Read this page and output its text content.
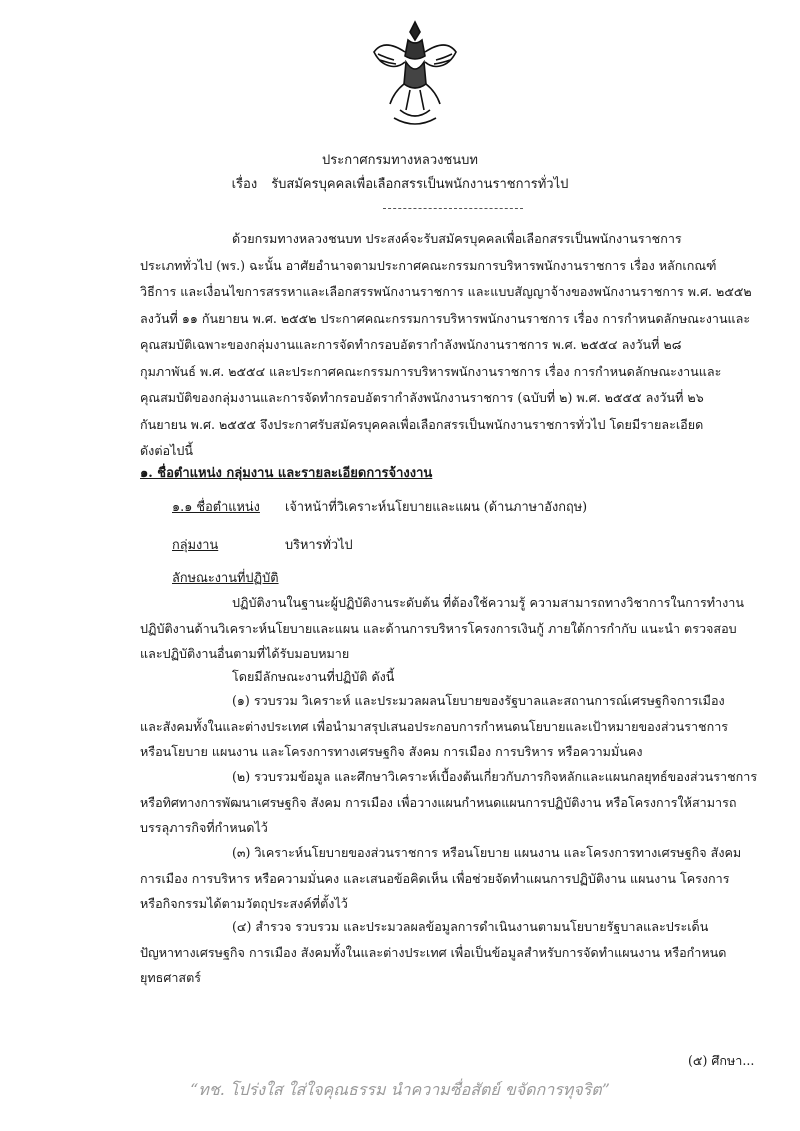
ประกาศกรมทางหลวงชนบท
เรื่อง รับสมัครบุคคลเพื่อเลือกสรรเป็นพนักงานราชการทั่วไป
ด้วยกรมทางหลวงชนบท ประสงค์จะรับสมัครบุคคลเพื่อเลือกสรรเป็นพนักงานราชการ
ประเภททั่วไป (พร.) ฉะนั้น อาศัยอำนาจตามประกาศคณะกรรมการบริหารพนักงานราชการ เรื่อง หลักเกณฑ์
วิธีการ และเงื่อนไขการสรรหาและเลือกสรรพนักงานราชการ และแบบสัญญาจ้างของพนักงานราชการ พ.ศ. ๒๕๕๒
ลงวันที่ ๑๑ กันยายน พ.ศ. ๒๕๕๒ ประกาศคณะกรรมการบริหารพนักงานราชการ เรื่อง การกำหนดลักษณะงานและ
คุณสมบัติเฉพาะของกลุ่มงานและการจัดทำกรอบอัตรากำลังพนักงานราชการ พ.ศ. ๒๕๕๔ ลงวันที่ ๒๘
กุมภาพันธ์ พ.ศ. ๒๕๕๔ และประกาศคณะกรรมการบริหารพนักงานราชการ เรื่อง การกำหนดลักษณะงานและ
คุณสมบัติของกลุ่มงานและการจัดทำกรอบอัตรากำลังพนักงานราชการ (ฉบับที่ ๒) พ.ศ. ๒๕๕๕ ลงวันที่ ๒๖
กันยายน พ.ศ. ๒๕๕๕ จึงประกาศรับสมัครบุคคลเพื่อเลือกสรรเป็นพนักงานราชการทั่วไป โดยมีรายละเอียด
ดังต่อไปนี้
๑. ชื่อตำแหน่ง กลุ่มงาน และรายละเอียดการจ้างงาน
๑.๑ ชื่อตำแหน่ง เจ้าหน้าที่วิเคราะห์นโยบายและแผน (ด้านภาษาอังกฤษ)
กลุ่มงาน	บริหารทั่วไป
ลักษณะงานที่ปฏิบัติ
ปฏิบัติงานในฐานะผู้ปฏิบัติงานระดับต้น ที่ต้องใช้ความรู้ ความสามารถทางวิชาการในการทำงาน
ปฏิบัติงานด้านวิเคราะห์นโยบายและแผน และด้านการบริหารโครงการเงินกู้ ภายใต้การกำกับ แนะนำ ตรวจสอบ
และปฏิบัติงานอื่นตามที่ได้รับมอบหมาย
โดยมีลักษณะงานที่ปฏิบัติ ดังนี้
(๑) รวบรวม วิเคราะห์ และประมวลผลนโยบายของรัฐบาลและสถานการณ์เศรษฐกิจการเมือง
และสังคมทั้งในและต่างประเทศ เพื่อนำมาสรุปเสนอประกอบการกำหนดนโยบายและเป้าหมายของส่วนราชการ
หรือนโยบาย แผนงาน และโครงการทางเศรษฐกิจ สังคม การเมือง การบริหาร หรือความมั่นคง
(๒) รวบรวมข้อมูล และศึกษาวิเคราะห์เบื้องต้นเกี่ยวกับภารกิจหลักและแผนกลยุทธ์ของส่วนราชการ
หรือทิศทางการพัฒนาเศรษฐกิจ สังคม การเมือง เพื่อวางแผนกำหนดแผนการปฏิบัติงาน หรือโครงการให้สามารถ
บรรลุภารกิจที่กำหนดไว้
(๓) วิเคราะห์นโยบายของส่วนราชการ หรือนโยบาย แผนงาน และโครงการทางเศรษฐกิจ สังคม
การเมือง การบริหาร หรือความมั่นคง และเสนอข้อคิดเห็น เพื่อช่วยจัดทำแผนการปฏิบัติงาน แผนงาน โครงการ
หรือกิจกรรมได้ตามวัตถุประสงค์ที่ตั้งไว้
(๔) สำรวจ รวบรวม และประมวลผลข้อมูลการดำเนินงานตามนโยบายรัฐบาลและประเด็น
ปัญหาทางเศรษฐกิจ การเมือง สังคมทั้งในและต่างประเทศ เพื่อเป็นข้อมูลสำหรับการจัดทำแผนงาน หรือกำหนด
ยุทธศาสตร์
(๕) ศึกษา...
“ทช. โปร่งใส ใส่ใจคุณธรรม นำความซื่อสัตย์ ขจัดการทุจริต”
